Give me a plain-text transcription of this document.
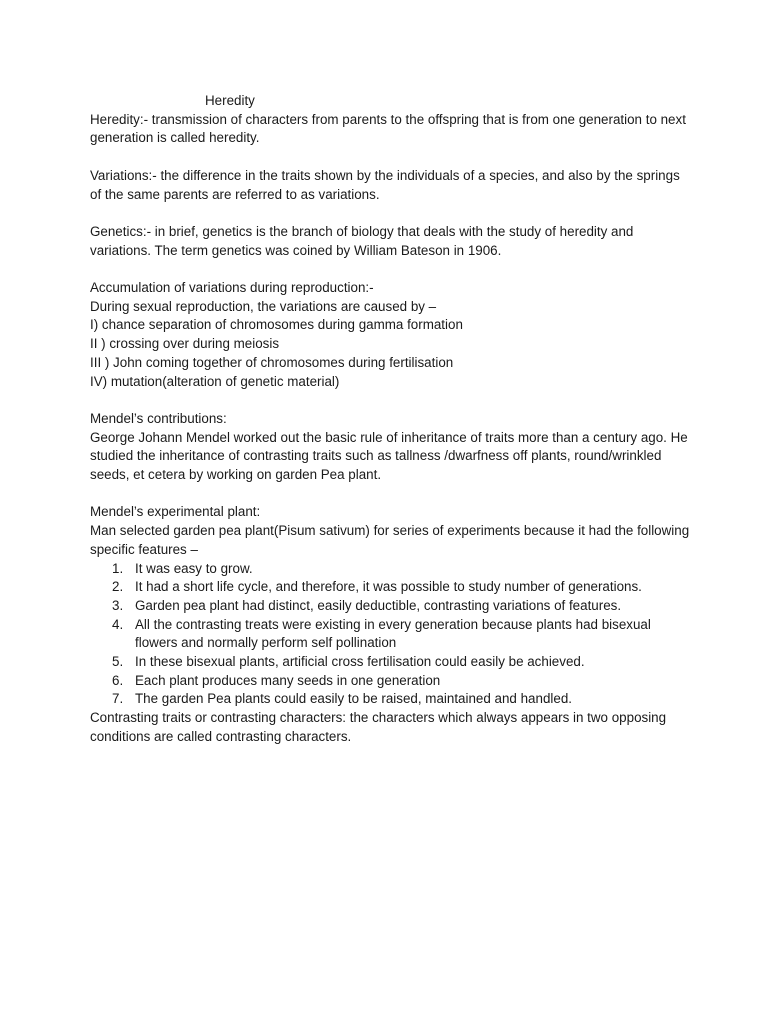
Heredity

Heredity:- transmission of characters from parents to the offspring that is from one generation to next generation is called heredity.

Variations:- the difference in the traits shown by the individuals of a species, and also by the springs of the same parents are referred to as variations.

Genetics:- in brief, genetics is the branch of biology that deals with the study of heredity and variations. The term genetics was coined by William Bateson in 1906.

Accumulation of variations during reproduction:-

During sexual reproduction, the variations are caused by –

I) chance separation of chromosomes during gamma formation

II ) crossing over during meiosis

III ) John coming together of chromosomes during fertilisation

IV) mutation(alteration of genetic material)

Mendel’s contributions:

George Johann Mendel worked out the basic rule of inheritance of traits more than a century ago. He studied the inheritance of contrasting traits such as tallness /dwarfness off plants, round/wrinkled seeds, et cetera by working on garden Pea plant.

Mendel’s experimental plant:

Man selected garden pea plant(Pisum sativum) for series of experiments because it had the following specific features –

1. It was easy to grow.
2. It had a short life cycle, and therefore, it was possible to study number of generations.
3. Garden pea plant had distinct, easily deductible, contrasting variations of features.
4. All the contrasting treats were existing in every generation because plants had bisexual flowers and normally perform self pollination
5. In these bisexual plants, artificial cross fertilisation could easily be achieved.
6. Each plant produces many seeds in one generation
7. The garden Pea plants could easily to be raised, maintained and handled.

Contrasting traits or contrasting characters: the characters which always appears in two opposing conditions are called contrasting characters.
